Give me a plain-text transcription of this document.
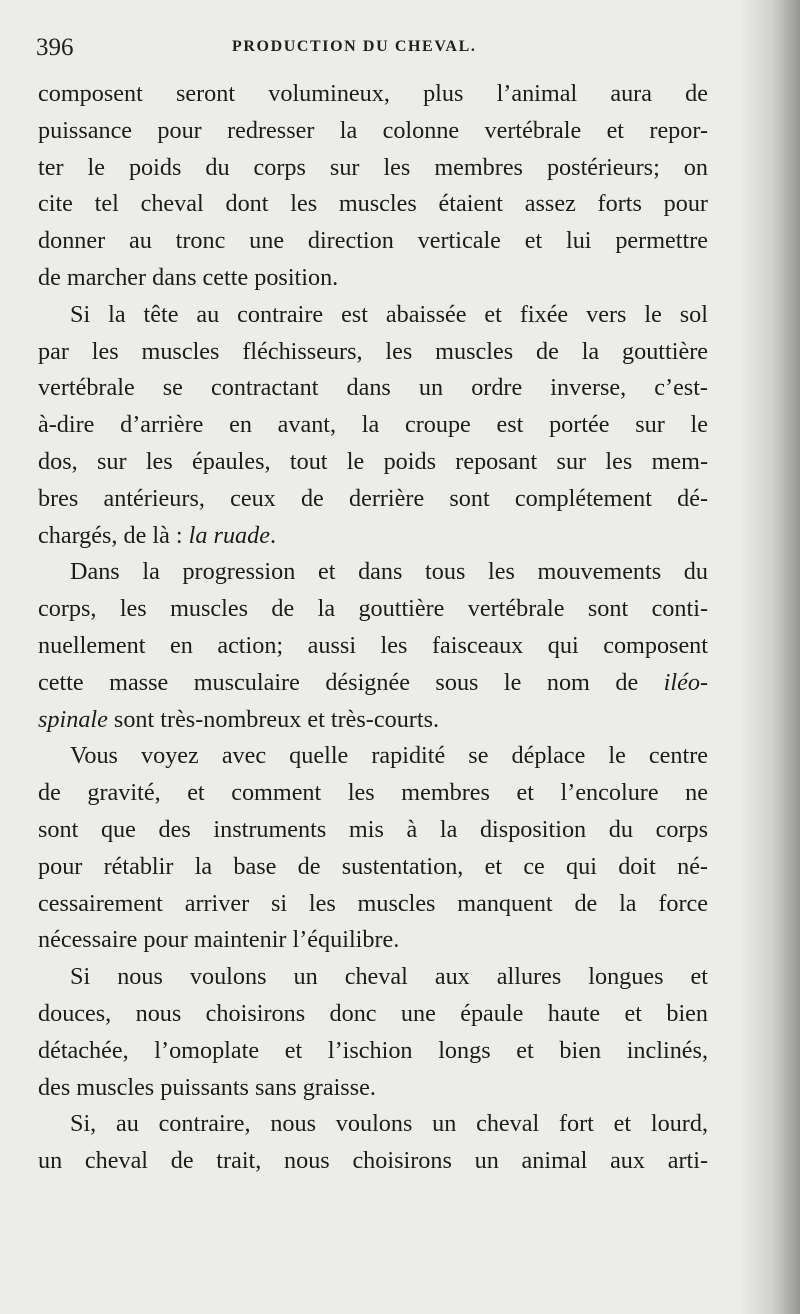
396	PRODUCTION DU CHEVAL.
composent seront volumineux, plus l’animal aura de
puissance pour redresser la colonne vertébrale et repor-
ter le poids du corps sur les membres postérieurs; on
cite tel cheval dont les muscles étaient assez forts pour
donner au tronc une direction verticale et lui permettre
de marcher dans cette position.
Si la tête au contraire est abaissée et fixée vers le sol
par les muscles fléchisseurs, les muscles de la gouttière
vertébrale se contractant dans un ordre inverse, c’est-
à-dire d’arrière en avant, la croupe est portée sur le
dos, sur les épaules, tout le poids reposant sur les mem-
bres antérieurs, ceux de derrière sont complétement dé-
chargés, de là : la ruade.
Dans la progression et dans tous les mouvements du
corps, les muscles de la gouttière vertébrale sont conti-
nuellement en action; aussi les faisceaux qui composent
cette masse musculaire désignée sous le nom de iléo-
spinale sont très-nombreux et très-courts.
Vous voyez avec quelle rapidité se déplace le centre
de gravité, et comment les membres et l’encolure ne
sont que des instruments mis à la disposition du corps
pour rétablir la base de sustentation, et ce qui doit né-
cessairement arriver si les muscles manquent de la force
nécessaire pour maintenir l’équilibre.
Si nous voulons un cheval aux allures longues et
douces, nous choisirons donc une épaule haute et bien
détachée, l’omoplate et l’ischion longs et bien inclinés,
des muscles puissants sans graisse.
Si, au contraire, nous voulons un cheval fort et lourd,
un cheval de trait, nous choisirons un animal aux arti-
